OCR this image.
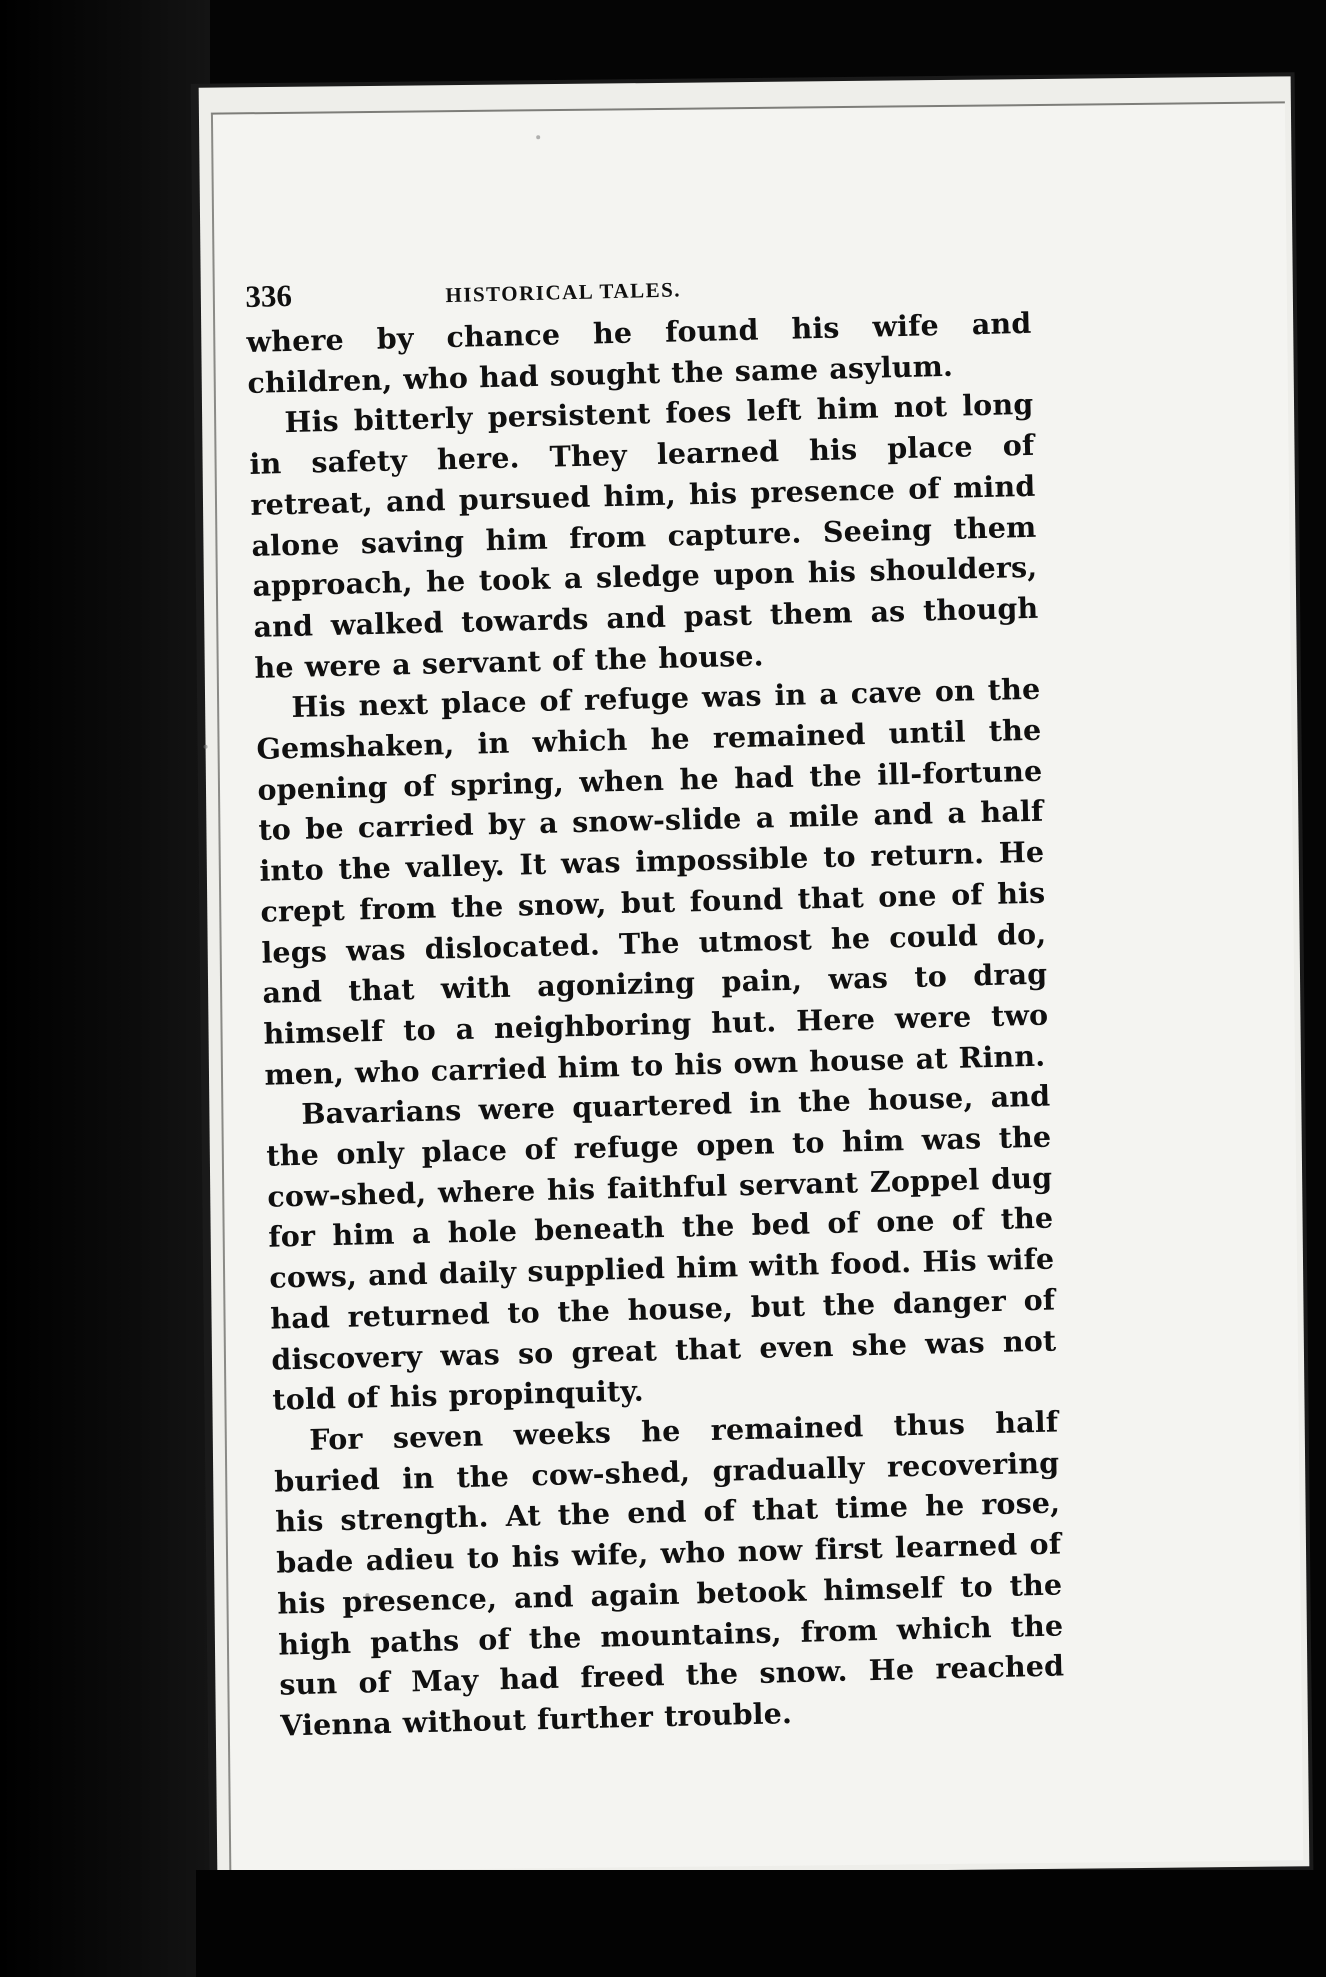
336	HISTORICAL TALES.

where by chance he found his wife and children, who had sought the same asylum.

His bitterly persistent foes left him not long in safety here. They learned his place of retreat, and pursued him, his presence of mind alone saving him from capture. Seeing them approach, he took a sledge upon his shoulders, and walked towards and past them as though he were a servant of the house.

His next place of refuge was in a cave on the Gemshaken, in which he remained until the opening of spring, when he had the ill-fortune to be carried by a snow-slide a mile and a half into the valley. It was impossible to return. He crept from the snow, but found that one of his legs was dislocated. The utmost he could do, and that with agonizing pain, was to drag himself to a neighboring hut. Here were two men, who carried him to his own house at Rinn.

Bavarians were quartered in the house, and the only place of refuge open to him was the cow-shed, where his faithful servant Zoppel dug for him a hole beneath the bed of one of the cows, and daily supplied him with food. His wife had returned to the house, but the danger of discovery was so great that even she was not told of his propinquity.

For seven weeks he remained thus half buried in the cow-shed, gradually recovering his strength. At the end of that time he rose, bade adieu to his wife, who now first learned of his presence, and again betook himself to the high paths of the mountains, from which the sun of May had freed the snow. He reached Vienna without further trouble.
